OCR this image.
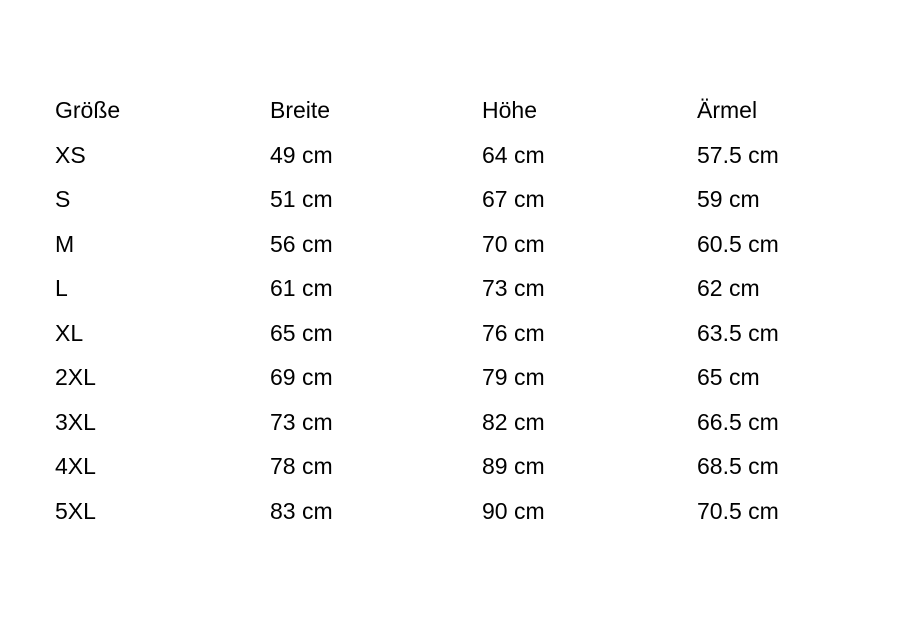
Größe	Breite	Höhe	Ärmel
XS	49 cm	64 cm	57.5 cm
S	51 cm	67 cm	59 cm
M	56 cm	70 cm	60.5 cm
L	61 cm	73 cm	62 cm
XL	65 cm	76 cm	63.5 cm
2XL	69 cm	79 cm	65 cm
3XL	73 cm	82 cm	66.5 cm
4XL	78 cm	89 cm	68.5 cm
5XL	83 cm	90 cm	70.5 cm
